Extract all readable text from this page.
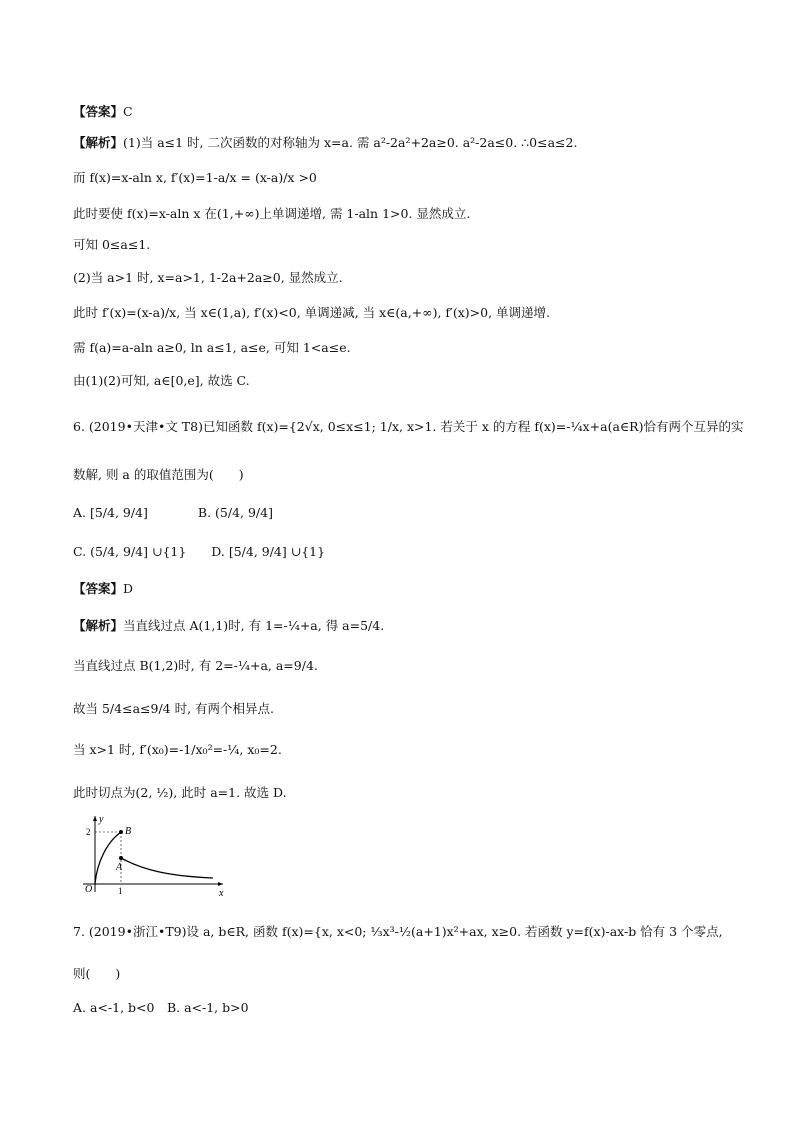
【答案】C
【解析】(1)当 a≤1 时, 二次函数的对称轴为 x=a. 需 a²-2a²+2a≥0. a²-2a≤0. ∴0≤a≤2.
而 f(x)=x-aln x, f′(x)=1-a/x = (x-a)/x >0
此时要使 f(x)=x-aln x 在(1,+∞)上单调递增, 需 1-aln 1>0. 显然成立.
可知 0≤a≤1.
(2)当 a>1 时, x=a>1, 1-2a+2a≥0, 显然成立.
此时 f′(x)=(x-a)/x, 当 x∈(1,a), f′(x)<0, 单调递减, 当 x∈(a,+∞), f′(x)>0, 单调递增.
需 f(a)=a-aln a≥0, ln a≤1, a≤e, 可知 1<a≤e.
由(1)(2)可知, a∈[0,e], 故选 C.
6. (2019•天津•文 T8)已知函数 f(x)={2√x, 0≤x≤1; 1/x, x>1. 若关于 x 的方程 f(x)=-¼x+a(a∈R)恰有两个互异的实
数解, 则 a 的取值范围为(　　)
A. [5/4, 9/4]　　　　B. (5/4, 9/4]
C. (5/4, 9/4] ∪{1}　　D. [5/4, 9/4] ∪{1}
【答案】D
【解析】当直线过点 A(1,1)时, 有 1=-¼+a, 得 a=5/4.
当直线过点 B(1,2)时, 有 2=-¼+a, a=9/4.
故当 5/4≤a≤9/4 时, 有两个相异点.
当 x>1 时, f′(x₀)=-1/x₀²=-¼, x₀=2.
此时切点为(2, ½), 此时 a=1. 故选 D.
y
x
O	1
2	B
A
7. (2019•浙江•T9)设 a, b∈R, 函数 f(x)={x, x<0; ⅓x³-½(a+1)x²+ax, x≥0. 若函数 y=f(x)-ax-b 恰有 3 个零点,
则(　　)
A. a<-1, b<0　B. a<-1, b>0
